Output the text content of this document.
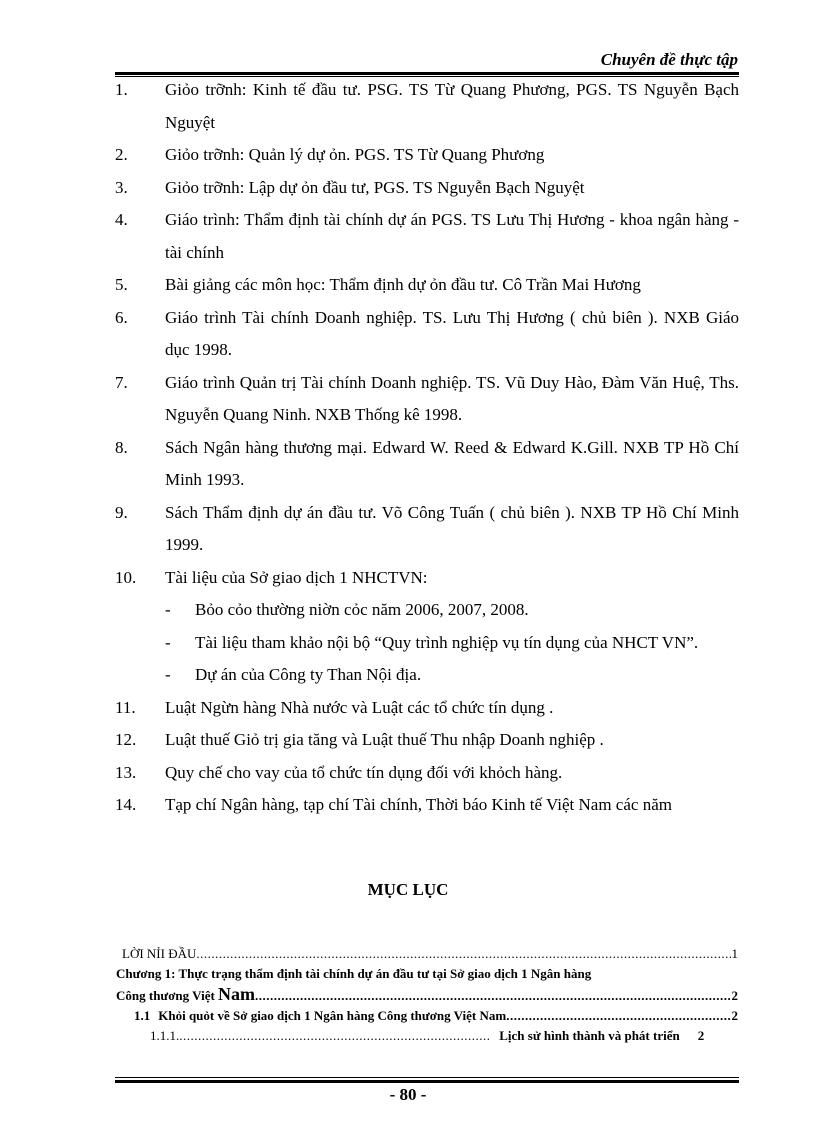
Chuyên đề thực tập
1.	Giỏo trỡnh: Kinh tế đầu tư. PSG. TS Từ Quang Phương, PGS. TS Nguyễn Bạch Nguyệt
2.	Giỏo trỡnh: Quản lý dự ỏn. PGS. TS Từ Quang Phương
3.	Giỏo trỡnh: Lập dự ỏn đầu tư, PGS. TS Nguyễn Bạch Nguyệt
4.	Giáo trình: Thẩm định tài chính dự án PGS. TS Lưu Thị Hương - khoa ngân hàng - tài chính
5.	Bài giảng các môn học: Thẩm định dự ỏn đầu tư. Cô Trần Mai Hương
6.	Giáo trình Tài chính Doanh nghiệp. TS. Lưu Thị Hương ( chủ biên ). NXB Giáo dục 1998.
7.	Giáo trình Quản trị Tài chính Doanh nghiệp. TS. Vũ Duy Hào, Đàm Văn Huệ, Ths. Nguyễn Quang Ninh. NXB Thống kê 1998.
8.	Sách Ngân hàng thương mại. Edward W. Reed & Edward K.Gill. NXB TP Hồ Chí Minh 1993.
9.	Sách Thẩm định dự án đầu tư. Võ Công Tuấn ( chủ biên ). NXB TP Hồ Chí Minh 1999.
10.	Tài liệu của Sở giao dịch 1 NHCTVN:
- Bỏo cỏo thường niờn cỏc năm 2006, 2007, 2008.
- Tài liệu tham khảo nội bộ “Quy trình nghiệp vụ tín dụng của NHCT VN”.
- Dự án của Công ty Than Nội địa.
11.	Luật Ngừn hàng Nhà nước và Luật các tổ chức tín dụng .
12.	Luật thuế Giỏ trị gia tăng và Luật thuế Thu nhập Doanh nghiệp .
13.	Quy chế cho vay của tổ chức tín dụng đối với khỏch hàng.
14.	Tạp chí Ngân hàng, tạp chí Tài chính, Thời báo Kinh tế Việt Nam các năm
MỤC LỤC
LỜI NỈI ĐẦU .....	1
Chương 1: Thực trạng thẩm định tài chính dự án đầu tư tại Sở giao dịch 1 Ngân hàng
Công thương Việt Nam .....	2
1.1 Khỏi quỏt về Sở giao dịch 1 Ngân hàng Công thương Việt Nam .....	2
1.1.1. .....	Lịch sử hình thành và phát triển	2
- 80 -
